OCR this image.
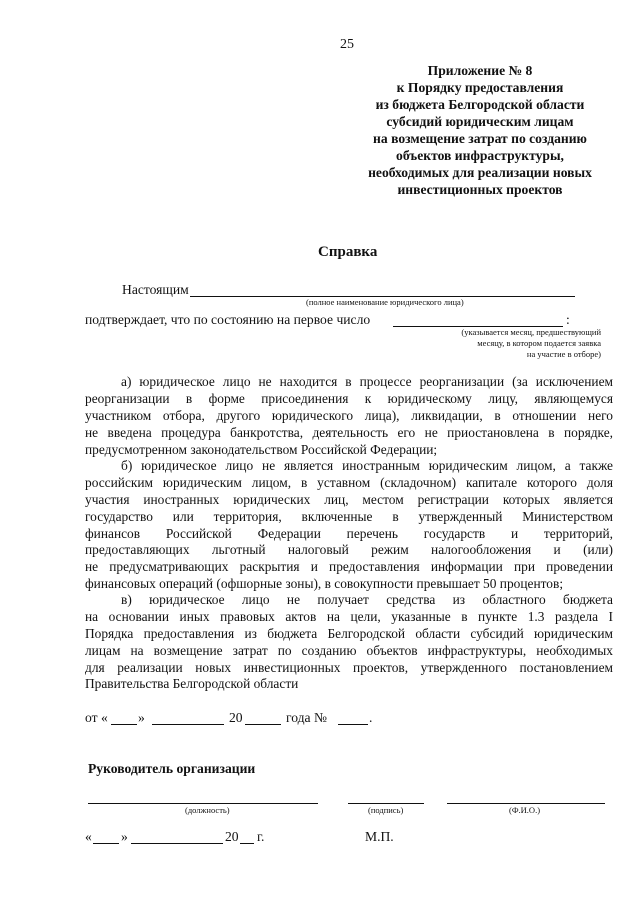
25
Приложение № 8
к Порядку предоставления
из бюджета Белгородской области
субсидий юридическим лицам
на возмещение затрат по созданию
объектов инфраструктуры,
необходимых для реализации новых
инвестиционных проектов
Справка
Настоящим
(полное наименование юридического лица)
подтверждает, что по состоянию на первое число	:
(указывается месяц, предшествующий
месяцу, в котором подается заявка
на участие в отборе)
а) юридическое лицо не находится в процессе реорганизации (за исключением
реорганизации в форме присоединения к юридическому лицу, являющемуся
участником отбора, другого юридического лица), ликвидации, в отношении него
не введена процедура банкротства, деятельность его не приостановлена в порядке,
предусмотренном законодательством Российской Федерации;
б) юридическое лицо не является иностранным юридическим лицом, а также
российским юридическим лицом, в уставном (складочном) капитале которого доля
участия иностранных юридических лиц, местом регистрации которых является
государство или территория, включенные в утвержденный Министерством
финансов Российской Федерации перечень государств и территорий,
предоставляющих льготный налоговый режим налогообложения и (или)
не предусматривающих раскрытия и предоставления информации при проведении
финансовых операций (офшорные зоны), в совокупности превышает 50 процентов;
в) юридическое лицо не получает средства из областного бюджета
на основании иных правовых актов на цели, указанные в пункте 1.3 раздела I
Порядка предоставления из бюджета Белгородской области субсидий юридическим
лицам на возмещение затрат по созданию объектов инфраструктуры, необходимых
для реализации новых инвестиционных проектов, утвержденного постановлением
Правительства Белгородской области
от « »	20	года №	.
Руководитель организации
(должность)	(подпись)	(Ф.И.О.)
« »	20 г.	М.П.
